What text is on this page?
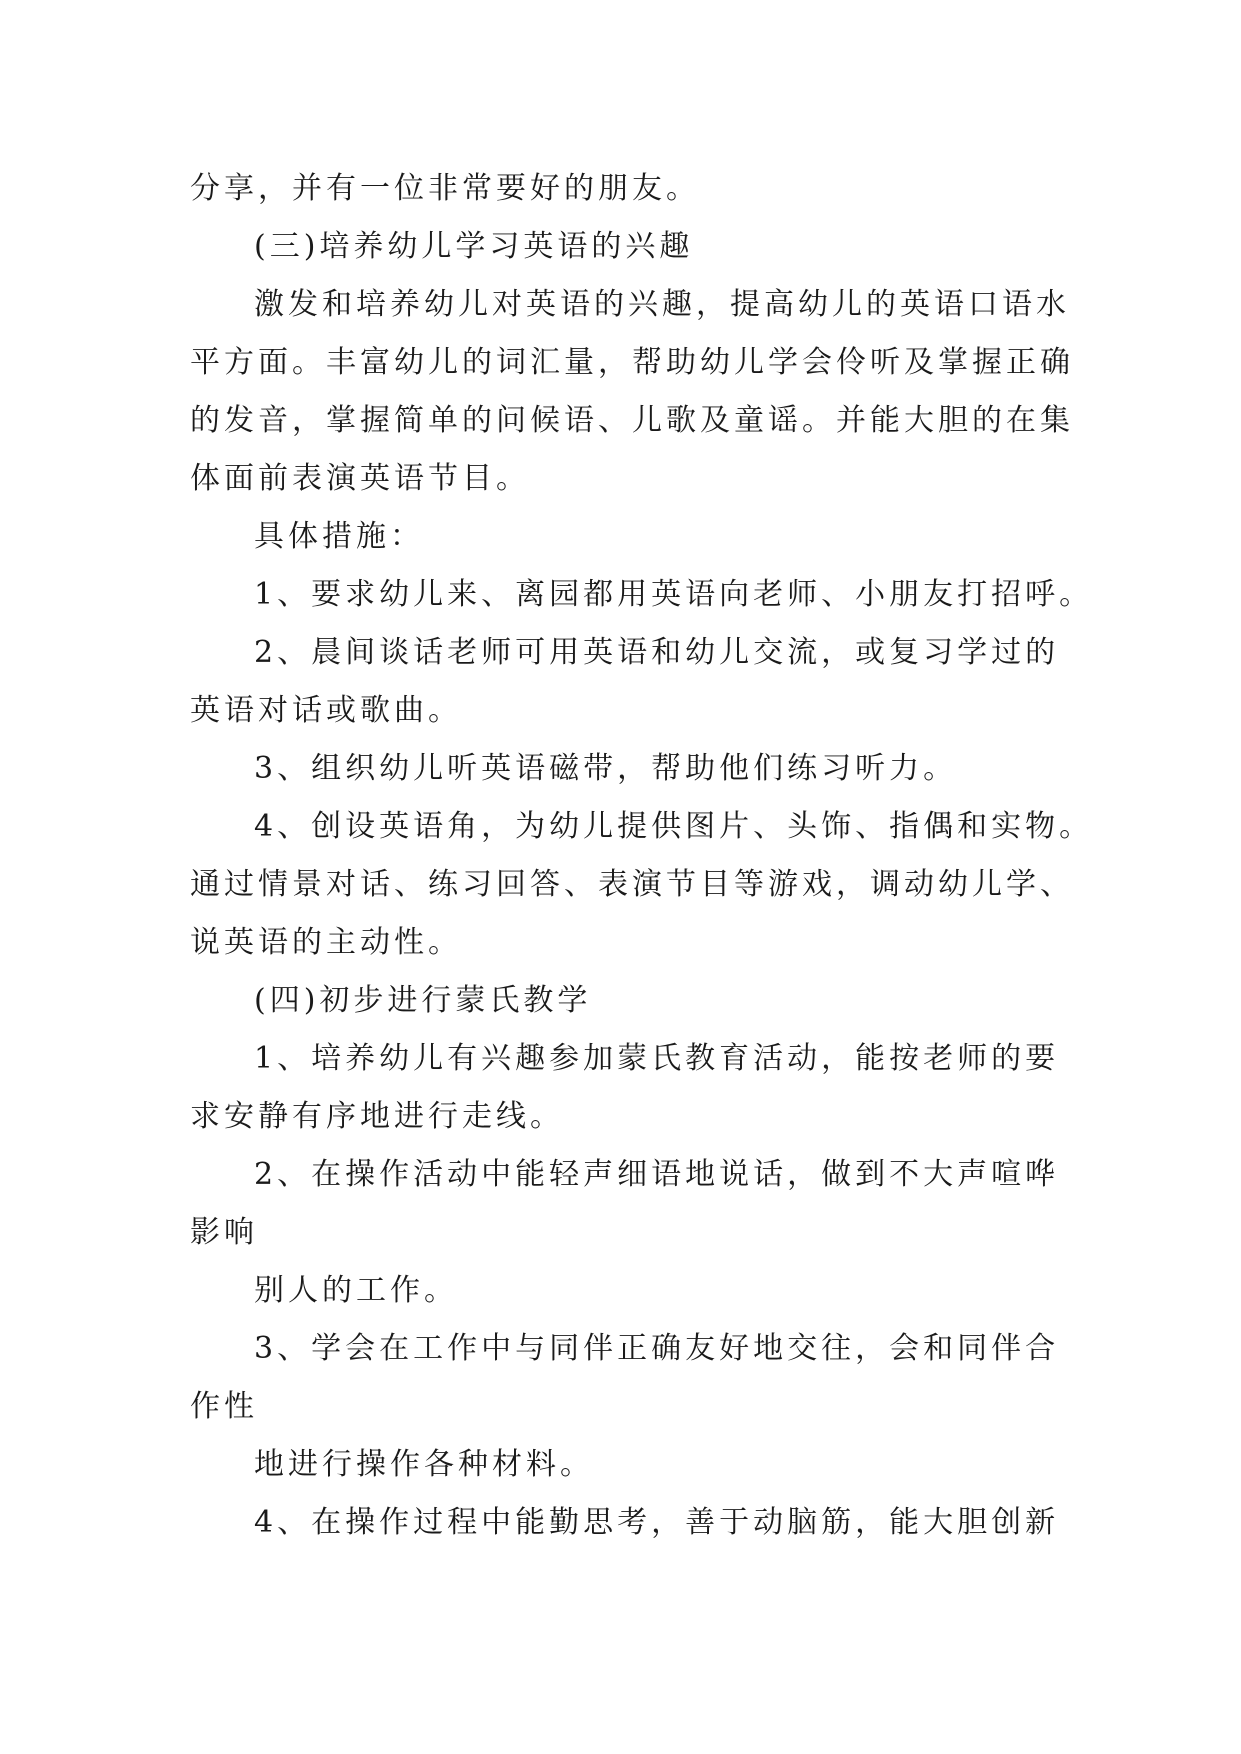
分享，并有一位非常要好的朋友。
(三)培养幼儿学习英语的兴趣
激发和培养幼儿对英语的兴趣，提高幼儿的英语口语水
平方面。丰富幼儿的词汇量，帮助幼儿学会伶听及掌握正确
的发音，掌握简单的问候语、儿歌及童谣。并能大胆的在集
体面前表演英语节目。
具体措施：
1、要求幼儿来、离园都用英语向老师、小朋友打招呼。
2、晨间谈话老师可用英语和幼儿交流，或复习学过的
英语对话或歌曲。
3、组织幼儿听英语磁带，帮助他们练习听力。
4、创设英语角，为幼儿提供图片、头饰、指偶和实物。
通过情景对话、练习回答、表演节目等游戏，调动幼儿学、
说英语的主动性。
(四)初步进行蒙氏教学
1、培养幼儿有兴趣参加蒙氏教育活动，能按老师的要
求安静有序地进行走线。
2、在操作活动中能轻声细语地说话，做到不大声喧哗
影响
别人的工作。
3、学会在工作中与同伴正确友好地交往，会和同伴合
作性
地进行操作各种材料。
4、在操作过程中能勤思考，善于动脑筋，能大胆创新
